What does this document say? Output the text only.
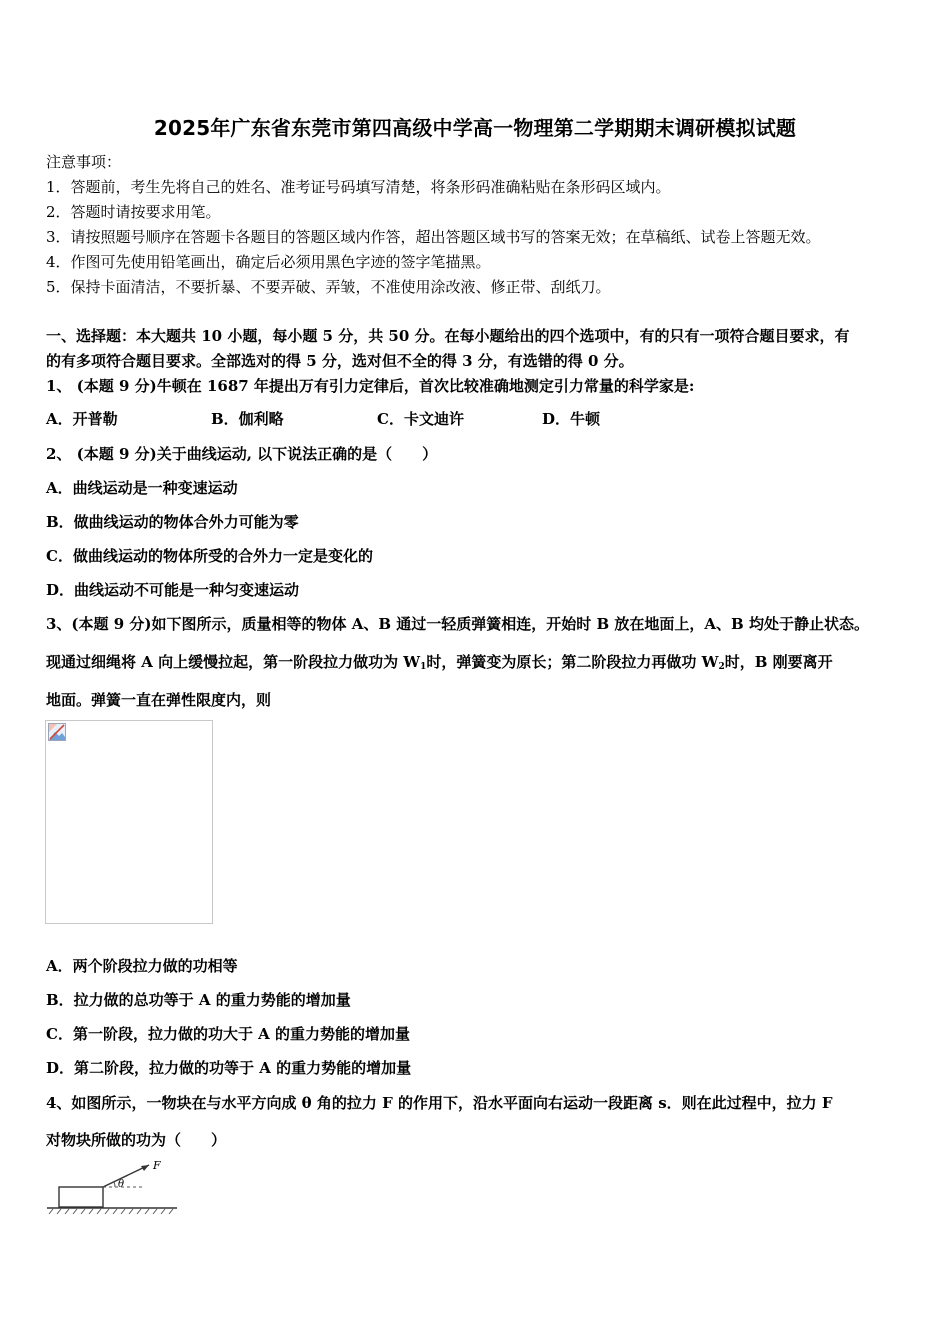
2025年广东省东莞市第四高级中学高一物理第二学期期末调研模拟试题
注意事项：
1．答题前，考生先将自己的姓名、准考证号码填写清楚，将条形码准确粘贴在条形码区域内。
2．答题时请按要求用笔。
3．请按照题号顺序在答题卡各题目的答题区域内作答，超出答题区域书写的答案无效；在草稿纸、试卷上答题无效。
4．作图可先使用铅笔画出，确定后必须用黑色字迹的签字笔描黑。
5．保持卡面清洁，不要折暴、不要弄破、弄皱，不准使用涂改液、修正带、刮纸刀。
一、选择题：本大题共 10 小题，每小题 5 分，共 50 分。在每小题给出的四个选项中，有的只有一项符合题目要求，有
的有多项符合题目要求。全部选对的得 5 分，选对但不全的得 3 分，有选错的得 0 分。
1、 (本题 9 分)牛顿在 1687 年提出万有引力定律后，首次比较准确地测定引力常量的科学家是:
A．开普勒	B．伽利略	C．卡文迪许	D．牛顿
2、 (本题 9 分)关于曲线运动, 以下说法正确的是（　　）
A．曲线运动是一种变速运动
B．做曲线运动的物体合外力可能为零
C．做曲线运动的物体所受的合外力一定是变化的
D．曲线运动不可能是一种匀变速运动
3、(本题 9 分)如下图所示，质量相等的物体 A、B 通过一轻质弹簧相连，开始时 B 放在地面上，A、B 均处于静止状态。
现通过细绳将 A 向上缓慢拉起，第一阶段拉力做功为 $W_1$时，弹簧变为原长；第二阶段拉力再做功 $W_2$时，B 刚要离开
地面。弹簧一直在弹性限度内，则
A．两个阶段拉力做的功相等
B．拉力做的总功等于 A 的重力势能的增加量
C．第一阶段，拉力做的功大于 A 的重力势能的增加量
D．第二阶段，拉力做的功等于 A 的重力势能的增加量
4、如图所示，一物块在与水平方向成 θ 角的拉力 F 的作用下，沿水平面向右运动一段距离 s．则在此过程中，拉力 F
对物块所做的功为（　　）
F
θ
